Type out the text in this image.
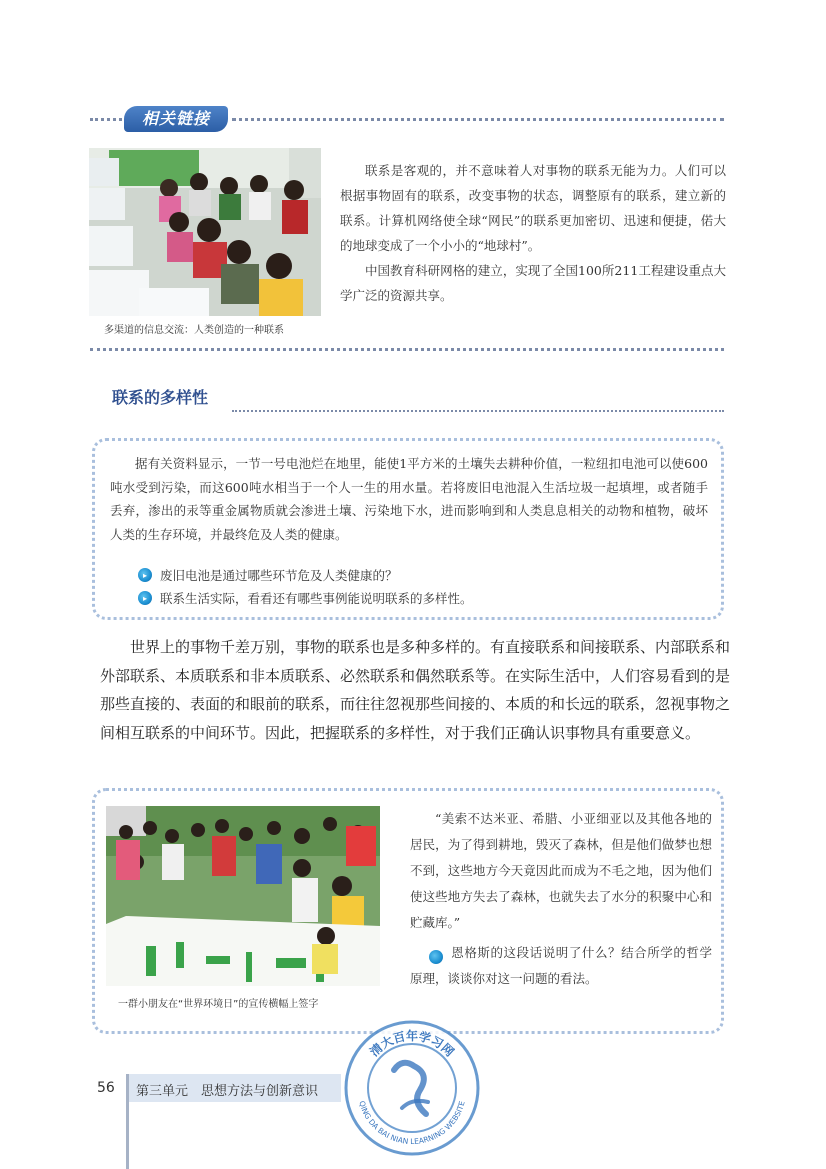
相关链接
多渠道的信息交流：人类创造的一种联系

联系是客观的，并不意味着人对事物的联系无能为力。人们可以根据事物固有的联系，改变事物的状态，调整原有的联系，建立新的联系。计算机网络使全球“网民”的联系更加密切、迅速和便捷，偌大的地球变成了一个小小的“地球村”。

中国教育科研网格的建立，实现了全国100所211工程建设重点大学广泛的资源共享。

联系的多样性

据有关资料显示，一节一号电池烂在地里，能使1平方米的土壤失去耕种价值，一粒纽扣电池可以使600吨水受到污染，而这600吨水相当于一个人一生的用水量。若将废旧电池混入生活垃圾一起填埋，或者随手丢弃，渗出的汞等重金属物质就会渗进土壤、污染地下水，进而影响到和人类息息相关的动物和植物，破坏人类的生存环境，并最终危及人类的健康。

▸	废旧电池是通过哪些环节危及人类健康的？
▸	联系生活实际，看看还有哪些事例能说明联系的多样性。

世界上的事物千差万别，事物的联系也是多种多样的。有直接联系和间接联系、内部联系和外部联系、本质联系和非本质联系、必然联系和偶然联系等。在实际生活中，人们容易看到的是那些直接的、表面的和眼前的联系，而往往忽视那些间接的、本质的和长远的联系，忽视事物之间相互联系的中间环节。因此，把握联系的多样性，对于我们正确认识事物具有重要意义。

一群小朋友在“世界环境日”的宣传横幅上签字

“美索不达米亚、希腊、小亚细亚以及其他各地的居民，为了得到耕地，毁灭了森林，但是他们做梦也想不到，这些地方今天竟因此而成为不毛之地，因为他们使这些地方失去了森林，也就失去了水分的积聚中心和贮藏库。”

▸ 恩格斯的这段话说明了什么？结合所学的哲学原理，谈谈你对这一问题的看法。

56 第三单元　思想方法与创新意识
清大百年学习网
QING DA BAI NIAN LEARNING WEBSITE
